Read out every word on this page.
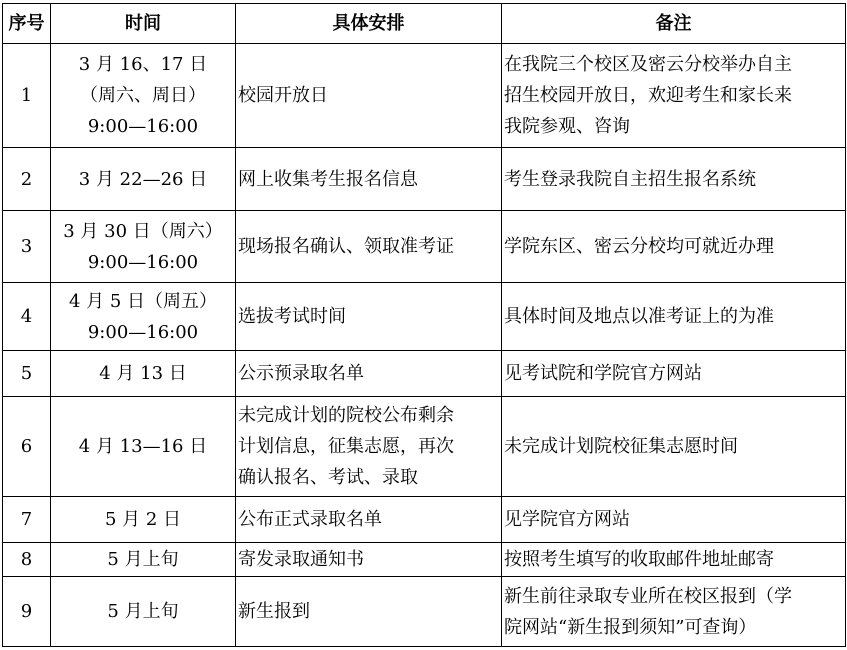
序号	时间	具体安排	备注
1	3 月 16、17 日
（周六、周日）
9:00—16:00	校园开放日	在我院三个校区及密云分校举办自主
招生校园开放日，欢迎考生和家长来
我院参观、咨询

2	3 月 22—26 日	网上收集考生报名信息	考生登录我院自主招生报名系统

3	3 月 30 日（周六）
9:00—16:00	现场报名确认、领取准考证	学院东区、密云分校均可就近办理

4	4 月 5 日（周五）
9:00—16:00	选拔考试时间	具体时间及地点以准考证上的为准

5	4 月 13 日	公示预录取名单	见考试院和学院官方网站

6	4 月 13—16 日	未完成计划的院校公布剩余
计划信息，征集志愿，再次
确认报名、考试、录取	未完成计划院校征集志愿时间

7	5 月 2 日	公布正式录取名单	见学院官方网站

8	5 月上旬	寄发录取通知书	按照考生填写的收取邮件地址邮寄

9	5 月上旬	新生报到	新生前往录取专业所在校区报到（学
院网站“新生报到须知”可查询）
